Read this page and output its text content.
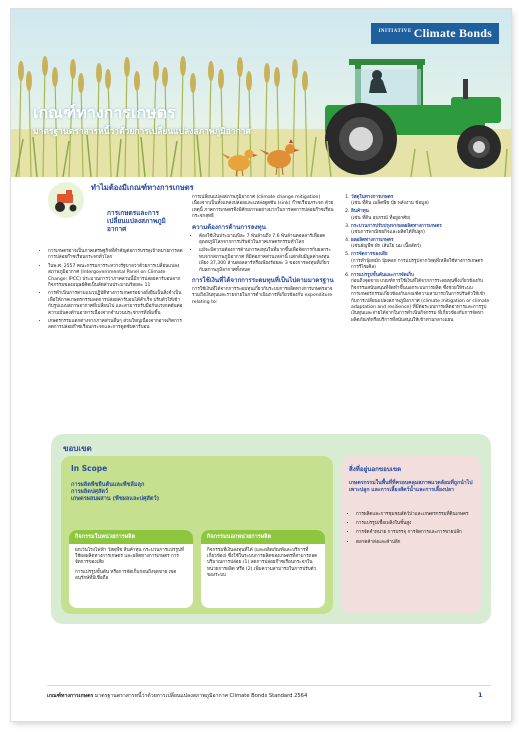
$^{INITIATIVE}$ Climate Bonds
เกณฑ์ทางการเกษตร
มาตรฐานตราสารหนี้ว่าด้วยการเปลี่ยนแปลงสภาพภูมิอากาศ
ทำไมต้องมีเกณฑ์ทางการเกษตร
การเกษตรและการเปลี่ยนแปลงสภาพภูมิอากาศ
• การเกษตรอาจเป็นภาคเศรษฐกิจที่สำคัญต่อการบรรลุเป้าหมายการลดการปล่อยก๊าซเรือนกระจกทั่วโลก
• ในพ.ศ. 2557 คณะกรรมการระหว่างรัฐบาลว่าด้วยการเปลี่ยนแปลงสภาพภูมิอากาศ (Intergovernmental Panel on Climate Change: IPCC) ประมาณการว่าภาคส่วนนี้มีการปล่อยคาร์บอนจากกิจกรรมของมนุษย์คิดเป็นสัดส่วนประมาณร้อยละ 11
• การดำเนินการตามแนวปฏิบัติทางการเกษตรอย่างยั่งยืนเป็นสิ่งจำเป็นเพื่อให้ภาคเกษตรกรรมลดการปล่อยคาร์บอนได้สำเร็จ ปรับตัวให้เข้ากับรูปแบบสภาพอากาศที่เปลี่ยนไป และสามารถรับมือกับแรงกดดันต่อความมั่นคงด้านอาหารเนื่องจากจำนวนประชากรที่เพิ่มขึ้น
• เกษตรกรรมแตกต่างจากภาคส่วนอื่นๆ ส่วนใหญ่เนื่องจากอาจเกิดการลดการปล่อยก๊าซเรือนกระจกและการดูดซับคาร์บอน

การเปลี่ยนแปลงสภาพภูมิอากาศ (climate change mitigation) เนื่องจากเป็นทั้งแหล่งปล่อยและแหล่งดูดซับ (sink) ก๊าซเรือนกระจก ด้วยเหตุนี้ ภาคการเกษตรจึงมีศักยภาพอย่างมากในการลดการปล่อยก๊าซเรือนกระจกสุทธิ

ความต้องการด้านการลงทุน
• ต้องใช้เงินประมาณปีละ 7 พันล้านถึง 7.6 พันล้านดอลลาร์เพื่อลดอุณหภูมิโลกจากการปรับตัวในภาคเกษตรกรรมทั่วโลก
• แม้จะมีความต้องการด้านการลงทุนในที่มากขึ้นเพื่อจัดการกับผลกระทบจากสภาพภูมิอากาศ ที่มีต่อภาคส่วนเหล่านี้ แต่กลับมีมูลค่าลงทุนเพียง 37,300 ล้านดอลลาร์หรือเพียงร้อยละ 3 ของการลงทุนที่เกี่ยวกับสภาพภูมิอากาศทั้งหมด
การใช้เงินที่ได้จากการระดมทุนที่เป็นไปตามมาตรฐาน

การใช้เงินที่ได้จากการระดมทุนเกี่ยวกับระบบการผลิตทางการเกษตรอาจรวมถึงเงินทุนและรายจ่ายในการดำเนินการที่เกี่ยวข้องกับ expenditure relating to:

1. วัสดุในทางการเกษตร
(เช่น ที่ดิน เมล็ดพืช ปุ๋ย พลังงาน ข้อมูล)
2. สินค้าทุน
(เช่น ที่ดิน อุปกรณ์ ที่อยู่อาศัย)
3. กระบวนการปรับปรุงจากผลผลิตทางการเกษตร
(เช่นการพาณิชยกิจและผลิตได้ที่ปลูก)
4. ผลผลิตทางการเกษตร
(เช่นธัญพืช ผัก เส้นใย นม เนื้อสัตว์)
5. การจัดการของเสีย
(การทำปุ๋ยหมัก ปุ๋ยคอก การแปรรูปจากวัสดุที่เหลือใช้ทางการเกษตร การรีไซเคิล)
6. การแปรรูปขั้นต้นและการจัดเก็บ
ก่อนถึงจุดขาย เกณฑ์การใช้เงินที่ได้จากการระดมทุนซึ่งเกี่ยวข้องกับกิจกรรมสนับสนุนที่จัดทำขึ้นนอกระบบการผลิต ซึ่งช่วยให้ระบบการเกษตรกรรมเกี่ยวข้องกับเกณฑ์ความสามารถในการปรับตัวให้เข้ากับการเปลี่ยนแปลงสภาพภูมิอากาศ (climate mitigation or climate adaptation and resilience) ที่มีต่อระบบการผลิตอาหารและการรูปเงินทุนและจ่ายได้จากในการดำเนินกิจกรรม ที่เกี่ยวข้องกับการจัดหาผลิตภัณฑ์หรือบริการที่สนับสนุนให้เข้าท่ามกลางแผน
ขอบเขต
In Scope
การผลิตพืชยืนต้นและพืชล้มลุก
การผลิตปศุสัตว์
เกษตรผสมผสาน (พืชผลและปศุสัตว์)
กิจกรรมในหน่วยการผลิต

ยกเว้นโรงไฟฟ้า วัสดุพืช สินค้าทุน กระบวนการแปรรูปที่ใช้ผลผลิตทางการเกษตร และผลิตทางการเกษตร การจัดการของเสีย

การแปรรูปขั้นต้น หรือการจัดเก็บก่อนถึงจุดขาย เขตอนุรักษ์ที่มีเชื่อถือ

กิจกรรมนอกหน่วยการผลิต

กิจกรรมที่เงินลงทุนที่ได้ (และผลิตภัณฑ์และบริการที่เกี่ยวข้อง) ซึ่งใช้ในระบบการผลิตของเกษตรที่สามารถลดปริมาณการปล่อย (1) ลดการปล่อยก๊าซเรือนกระจกในหน่วยการผลิต หรือ (2) เพิ่มความสามารถในการปรับตัวของระบบ

สิ่งที่อยู่นอกขอบเขต
เกษตรกรรมในพื้นที่ที่ครอบคลุมสภาพแวดล้อมที่ถูกนำไปเพาะปลูก และการเลี้ยงสัตว์น้ำและการเลี้ยงปลา
• การผลิตและการชุมชนสัตว์ป่าและเกษตรกรรมที่ดินเกษตร
• การแปรรูปเชื้อเพลิงในชั้นสูง
• การจัดจำหน่าย การบรรจุ การจัดการและการขายปลีก
• ตลาดค้าส่งและค้าปลีก
เกณฑ์ทางการเกษตร มาตรฐานตราสารหนี้ว่าด้วยการเปลี่ยนแปลงสภาพภูมิอากาศ Climate Bonds Standard 2564	1
